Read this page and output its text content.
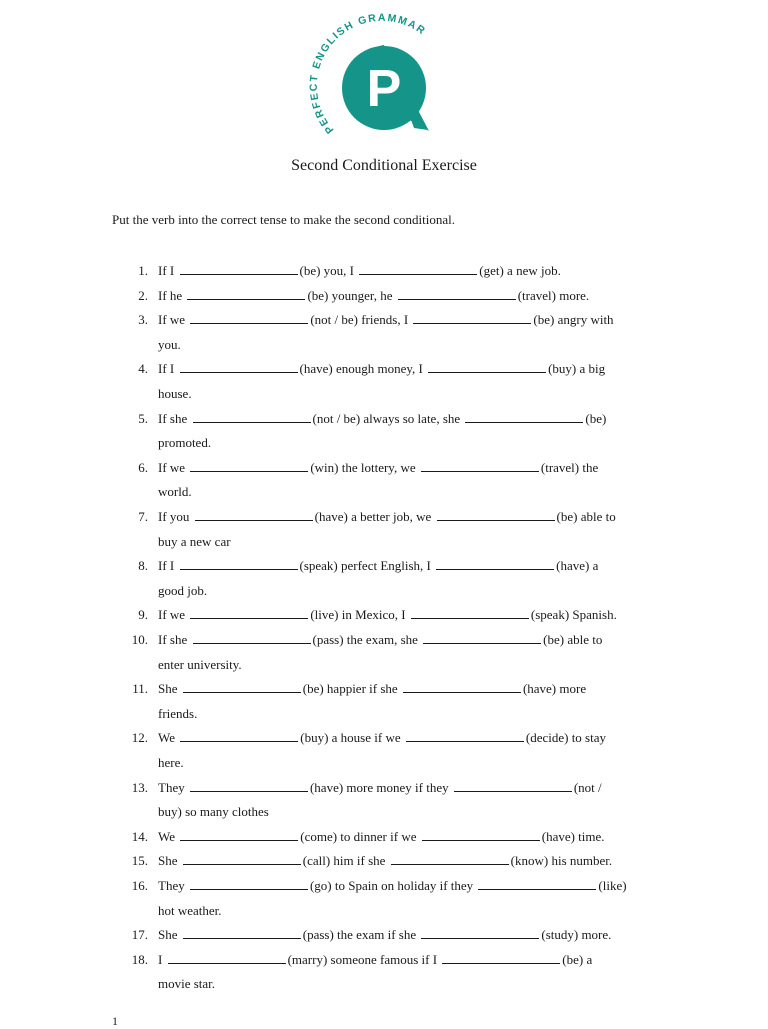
PERFECT ENGLISH GRAMMAR
P
Second Conditional Exercise
Put the verb into the correct tense to make the second conditional.
1. If I	(be) you, I	(get) a new job.
2. If he	(be) younger, he	(travel) more.
3. If we	(not / be) friends, I	(be) angry with
you.
4. If I	(have) enough money, I	(buy) a big
house.
5. If she	(not / be) always so late, she	(be)
promoted.
6. If we	(win) the lottery, we	(travel) the
world.
7. If you	(have) a better job, we	(be) able to
buy a new car
8. If I	(speak) perfect English, I	(have) a
good job.
9. If we	(live) in Mexico, I	(speak) Spanish.
10. If she	(pass) the exam, she	(be) able to
enter university.
11. She	(be) happier if she	(have) more
friends.
12. We	(buy) a house if we	(decide) to stay
here.
13. They	(have) more money if they	(not /
buy) so many clothes
14. We	(come) to dinner if we	(have) time.
15. She	(call) him if she	(know) his number.
16. They	(go) to Spain on holiday if they	(like)
hot weather.
17. She	(pass) the exam if she	(study) more.
18. I	(marry) someone famous if I	(be) a
movie star.
1
